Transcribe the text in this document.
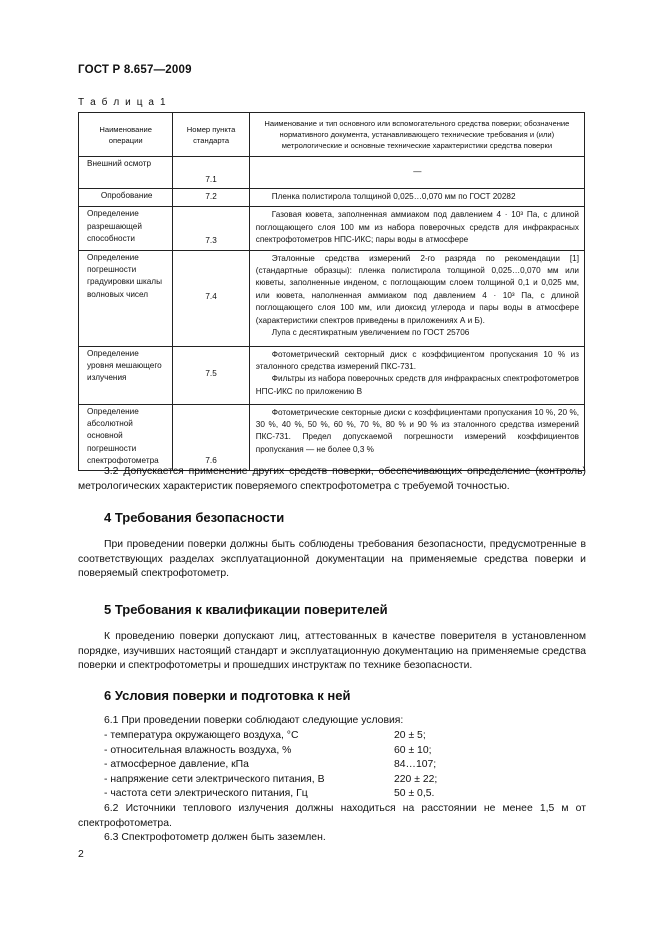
ГОСТ Р 8.657—2009
Т а б л и ц а 1
Наименование операции	Номер пункта стандарта	Наименование и тип основного или вспомогательного средства поверки; обозначение нормативного документа, устанавливающего технические требования и (или) метрологические и основные технические характеристики средства поверки
Внешний осмотр	7.1	—
Опробование	7.2	Пленка полистирола толщиной 0,025…0,070 мм по ГОСТ 20282

Определение разрешающей способности	7.3	Газовая кювета, заполненная аммиаком под давлением 4 · 10³ Па, с длиной поглощающего слоя 100 мм из набора поверочных средств для инфракрасных спектрофотометров НПС-ИКС; пары воды в атмосфере

Определение погрешности градуировки шкалы волновых чисел	7.4	Эталонные средства измерений 2-го разряда по рекомендации [1] (стандартные образцы): пленка полистирола толщиной 0,025…0,070 мм или кюветы, заполненные инденом, с поглощающим слоем толщиной 0,1 и 0,025 мм, или кювета, наполненная аммиаком под давлением 4 · 10³ Па, с длиной поглощающего слоя 100 мм, или диоксид углерода и пары воды в атмосфере (характеристики спектров приведены в приложениях А и Б).

Лупа с десятикратным увеличением по ГОСТ 25706

Определение уровня мешающего излучения	7.5	Фотометрический секторный диск с коэффициентом пропускания 10 % из эталонного средства измерений ПКС-731.

Фильтры из набора поверочных средств для инфракрасных спектрофотометров НПС-ИКС по приложению В

Определение абсолютной основной погрешности спектрофотометра	7.6	Фотометрические секторные диски с коэффициентами пропускания 10 %, 20 %, 30 %, 40 %, 50 %, 60 %, 70 %, 80 % и 90 % из эталонного средства измерений ПКС-731. Предел допускаемой погрешности измерений коэффициентов пропускания — не более 0,3 %

3.2 Допускается применение других средств поверки, обеспечивающих определение (контроль) метрологических характеристик поверяемого спектрофотометра с требуемой точностью.

4 Требования безопасности

При проведении поверки должны быть соблюдены требования безопасности, предусмотренные в соответствующих разделах эксплуатационной документации на применяемые средства поверки и поверяемый спектрофотометр.

5 Требования к квалификации поверителей

К проведению поверки допускают лиц, аттестованных в качестве поверителя в установленном порядке, изучивших настоящий стандарт и эксплуатационную документацию на применяемые средства поверки и спектрофотометры и прошедших инструктаж по технике безопасности.

6 Условия поверки и подготовка к ней

6.1 При проведении поверки соблюдают следующие условия:

- температура окружающего воздуха, °С	20 ± 5;
- относительная влажность воздуха, %	60 ± 10;
- атмосферное давление, кПа	84…107;
- напряжение сети электрического питания, В	220 ± 22;
- частота сети электрического питания, Гц	50 ± 0,5.

6.2 Источники теплового излучения должны находиться на расстоянии не менее 1,5 м от спектрофотометра.

6.3 Спектрофотометр должен быть заземлен.

2
